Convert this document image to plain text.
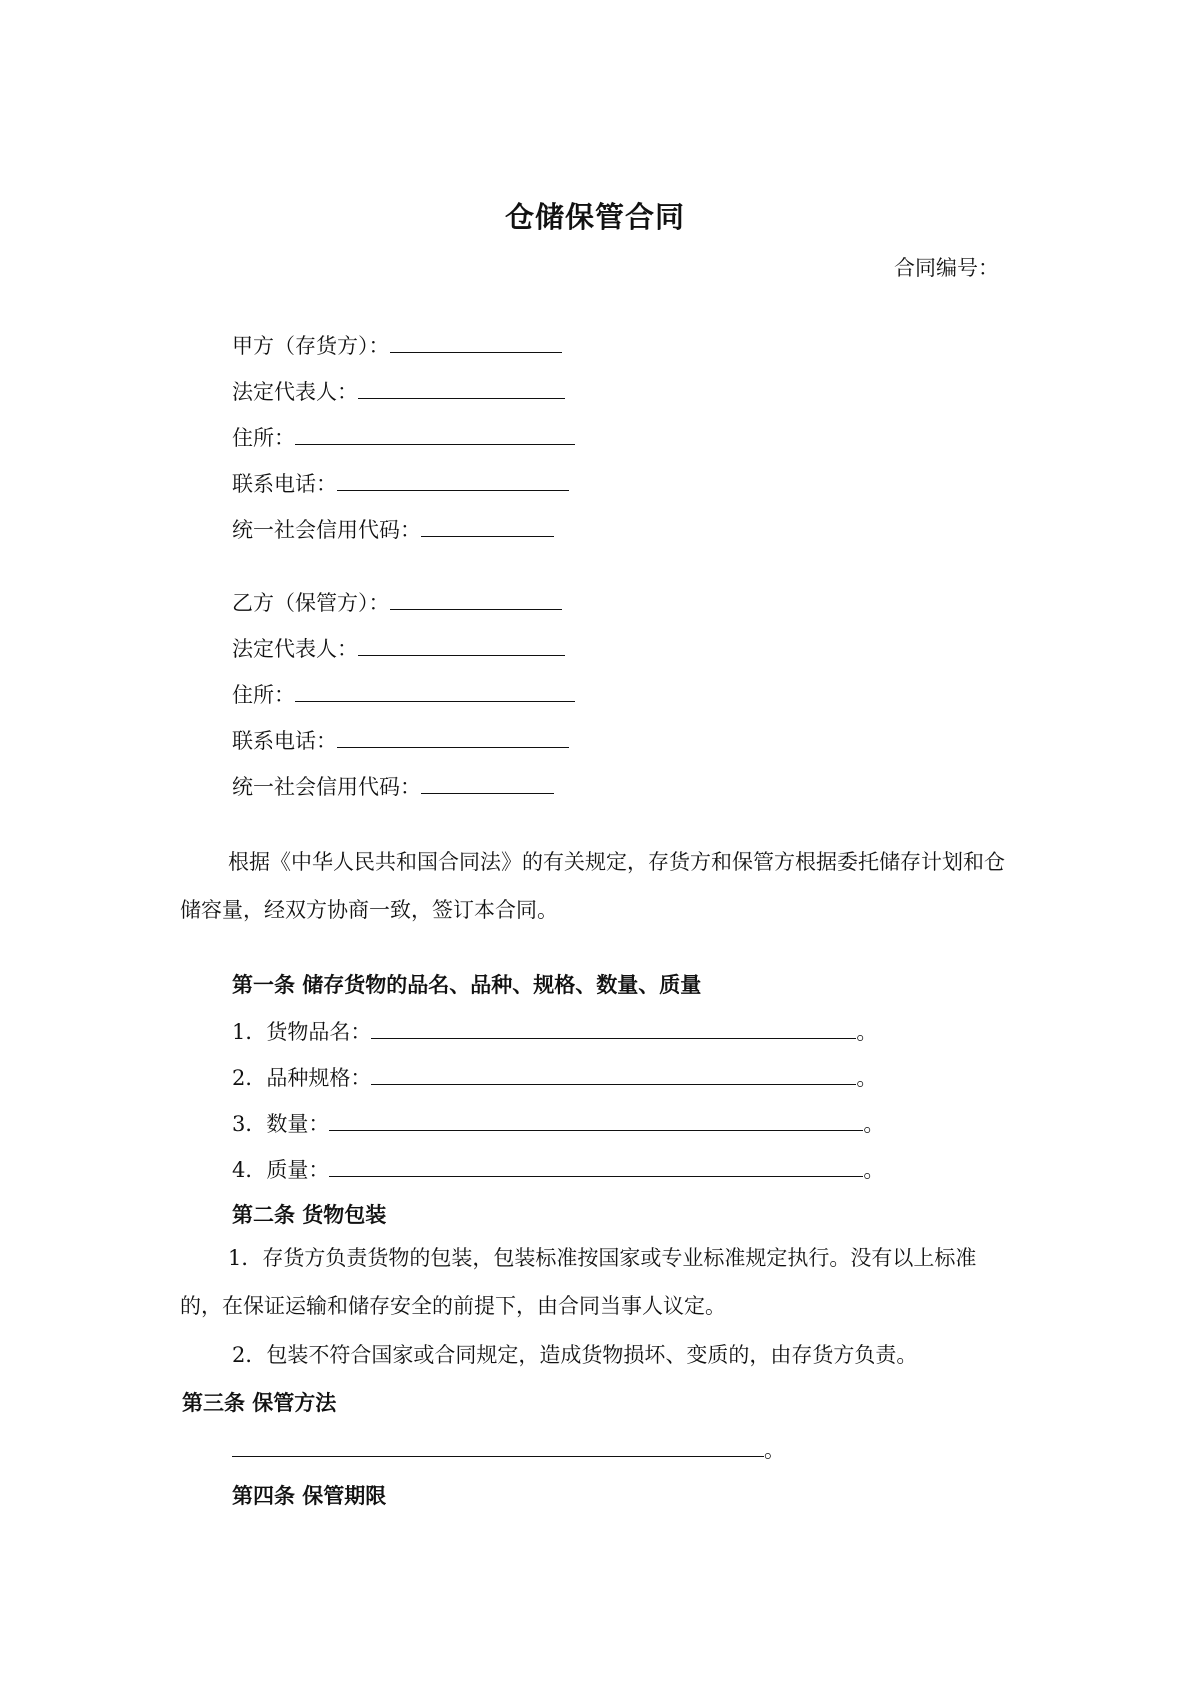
仓储保管合同
合同编号：
甲方（存货方）：
法定代表人：
住所：
联系电话：
统一社会信用代码：
乙方（保管方）：
法定代表人：
住所：
联系电话：
统一社会信用代码：
根据《中华人民共和国合同法》的有关规定，存货方和保管方根据委托储存计划和仓储容量，经双方协商一致，签订本合同。
第一条 储存货物的品名、品种、规格、数量、质量
1．货物品名：	。
2．品种规格：	。
3．数量：	。
4．质量：	。
第二条 货物包装
1．存货方负责货物的包装，包装标准按国家或专业标准规定执行。没有以上标准的，在保证运输和储存安全的前提下，由合同当事人议定。
2．包装不符合国家或合同规定，造成货物损坏、变质的，由存货方负责。
第三条 保管方法
。
第四条 保管期限
